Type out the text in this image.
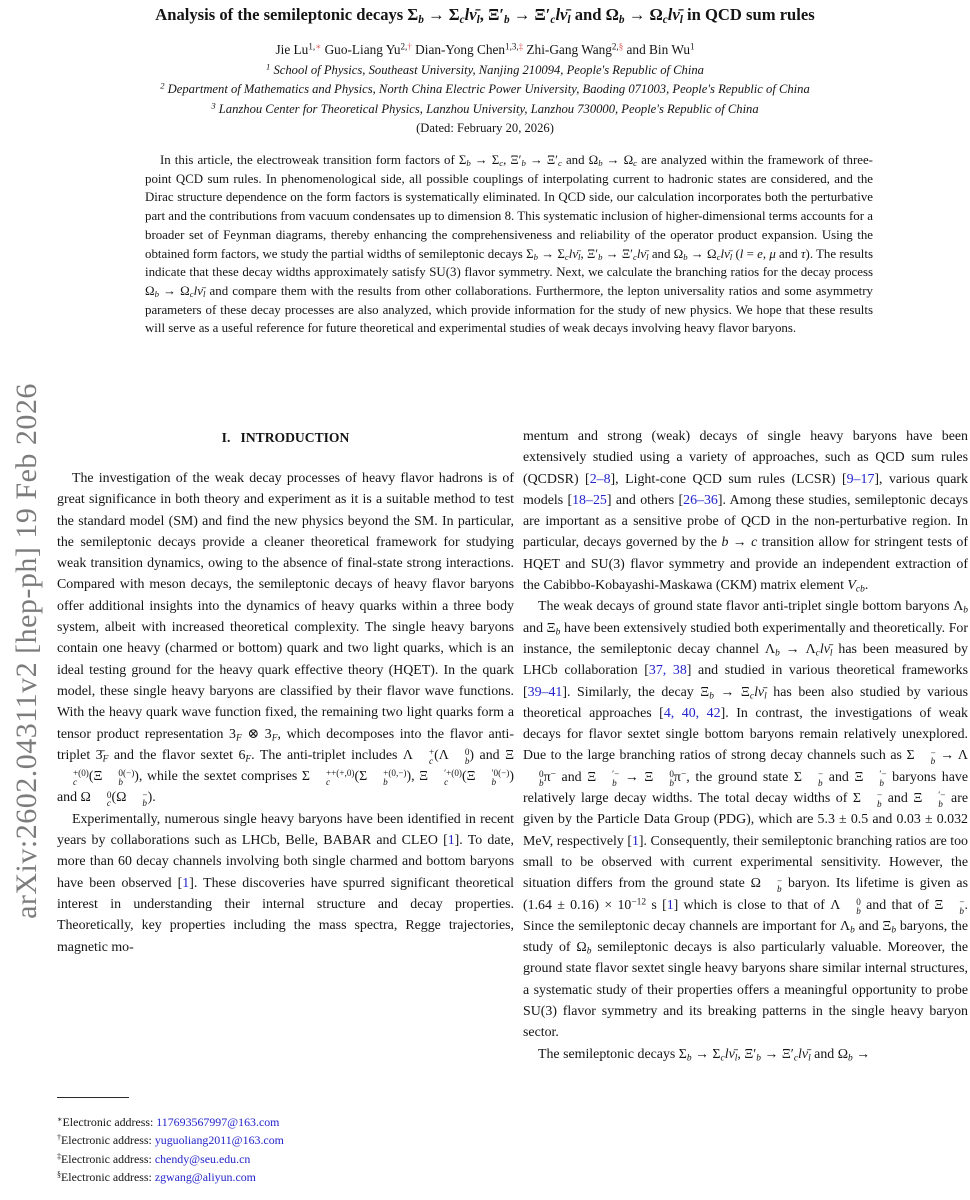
arXiv:2602.04311v2 [hep-ph] 19 Feb 2026
Analysis of the semileptonic decays $\Sigma_b$ → $\Sigma_cl\nū_l$, $\Xi'_b$ → $\Xi'_cl\nū_l$ and $\Omega_b$ → $\Omega_cl\nū_l$ in QCD sum rules
Jie $Lu^{1,∗}$ Guo-Liang $Yu^{2,\dagger}$ Dian-Yong Chen$^{1,3,\ddagger}$ Zhi-Gang Wang$^{2,\S}$ and Bin Wu$^1$
$^1$ School of Physics, Southeast University, Nanjing 210094, People's Republic of China
$^2$ Department of Mathematics and Physics, North China Electric Power University, Baoding 071003, People's Republic of China
$^3$ Lanzhou Center for Theoretical Physics, Lanzhou University, Lanzhou 730000, People's Republic of China
(Dated: February 20, 2026)

In this article, the electroweak transition form factors of $\Sigma_b \to \Sigma_c$, $\Xi'_b \to \Xi'_c$ and $\Omega_b \to \Omega_c$ are analyzed within the framework of three-point QCD sum rules. In phenomenological side, all possible couplings of interpolating current to hadronic states are considered, and the Dirac structure dependence on the form factors is systematically eliminated. In QCD side, our calculation incorporates both the perturbative part and the contributions from vacuum condensates up to dimension 8. This systematic inclusion of higher-dimensional terms accounts for a broader set of Feynman diagrams, thereby enhancing the comprehensiveness and reliability of the operator product expansion. Using the obtained form factors, we study the partial widths of semileptonic decays $\Sigma_b$ → $\Sigma_cl\nū_l$, $\Xi'_b$ → $\Xi'_cl\nū_l$ and $\Omega_b$ → $\Omega_cl\nū_l$ (l = e, μ and τ). The results indicate that these decay widths approximately satisfy SU(3) flavor symmetry. Next, we calculate the branching ratios for the decay process $\Omega_b$ → $\Omega_cl\nū_l$ and compare them with the results from other collaborations. Furthermore, the lepton universality ratios and some asymmetry parameters of these decay processes are also analyzed, which provide information for the study of new physics. We hope that these results will serve as a useful reference for future theoretical and experimental studies of weak decays involving heavy flavor baryons.

I.   INTRODUCTION

The investigation of the weak decay processes of heavy flavor hadrons is of great significance in both theory and experiment as it is a suitable method to test the standard model (SM) and find the new physics beyond the SM. In particular, the semileptonic decays provide a cleaner theoretical framework for studying weak transition dynamics, owing to the absence of final-state strong interactions. Compared with meson decays, the semileptonic decays of heavy flavor baryons offer additional insights into the dynamics of heavy quarks within a three body system, albeit with increased theoretical complexity. The single heavy baryons contain one heavy (charmed or bottom) quark and two light quarks, which is an ideal testing ground for the heavy quark effective theory (HQET). In the quark model, these single heavy baryons are classified by their flavor wave functions. With the heavy quark wave function fixed, the remaining two light quarks form a tensor product representation $3_F$ ⊗ $3_F$, which decomposes into the flavor anti-triplet $3̄_F$ and the flavor sextet $6_F$. The anti-triplet includes Λ	+
c (Λ	0
b ) and Ξ
+(0)
c (Ξ	0(−)
b ), while the sextet comprises Σ	++(+,0)
c	(Σ	+(0,−)
b	), Ξ	′+(0)
c (Ξ	′0(−)
b ) and Ω	0
c (Ω	−
b ).

Experimentally, numerous single heavy baryons have been identified in recent years by collaborations such as LHCb, Belle, BABAR and CLEO [1]. To date, more than 60 decay channels involving both single charmed and bottom baryons have been observed [1]. These discoveries have spurred significant theoretical interest in understanding their internal structure and decay properties. Theoretically, key properties including the mass spectra, Regge trajectories, magnetic mo-

mentum and strong (weak) decays of single heavy baryons have been extensively studied using a variety of approaches, such as QCD sum rules (QCDSR) [2–8], Light-cone QCD sum rules (LCSR) [9–17], various quark models [18–25] and others [26–36]. Among these studies, semileptonic decays are important as a sensitive probe of QCD in the non-perturbative region. In particular, decays governed by the b → c transition allow for stringent tests of HQET and SU(3) flavor symmetry and provide an independent extraction of the Cabibbo-Kobayashi-Maskawa (CKM) matrix element $V_{cb}$.

The weak decays of ground state flavor anti-triplet single bottom baryons $\Lambda_b$ and $\Xi_b$ have been extensively studied both experimentally and theoretically. For instance, the semileptonic decay channel $\Lambda_b$ → $\Lambda_cl\nū_l$ has been measured by LHCb collaboration [37, 38] and studied in various theoretical frameworks [39–41]. Similarly, the decay $\Xi_b$ → $\Xi_cl\nū_l$ has been also studied by various theoretical approaches [4, 40, 42]. In contrast, the investigations of weak decays for flavor sextet single bottom baryons remain relatively unexplored. Due to the large branching ratios of strong decay channels such as Σ	−
b → Λ
0
b π− and Ξ	′−
b → Ξ	0
b π−, the ground state Σ	−
b and Ξ	′−
b baryons have relatively large decay widths. The total decay widths of Σ	−
b and Ξ	′−
b are given by the Particle Data Group (PDG), which are 5.3 ± 0.5 and 0.03 ± 0.032 MeV, respectively [1]. Consequently, their semileptonic branching ratios are too small to be observed with current experimental sensitivity. However, the situation differs from the ground state Ω	−
b baryon. Its lifetime is given as $(1.64 \pm 0.16) \times 10^{-12}$ s [1] which is close to that of Λ	0
b and that of Ξ	−
b . Since the semileptonic decay channels are important for $\Lambda_b$ and $\Xi_b$ baryons, the study of $\Omega_b$ semileptonic decays is also particularly valuable. Moreover, the ground state flavor sextet single heavy baryons share similar internal structures, a systematic study of their properties offers a meaningful opportunity to probe SU(3) flavor symmetry and its breaking patterns in the single heavy baryon sector.

The semileptonic decays $\Sigma_b$ → $\Sigma_cl\nū_l$, $\Xi'_b$ → $\Xi'_cl\nū_l$ and $\Omega_b$ →

∗Electronic address: 117693567997@163.com
†Electronic address: yuguoliang2011@163.com
‡Electronic address: chendy@seu.edu.cn
§Electronic address: zgwang@aliyun.com
